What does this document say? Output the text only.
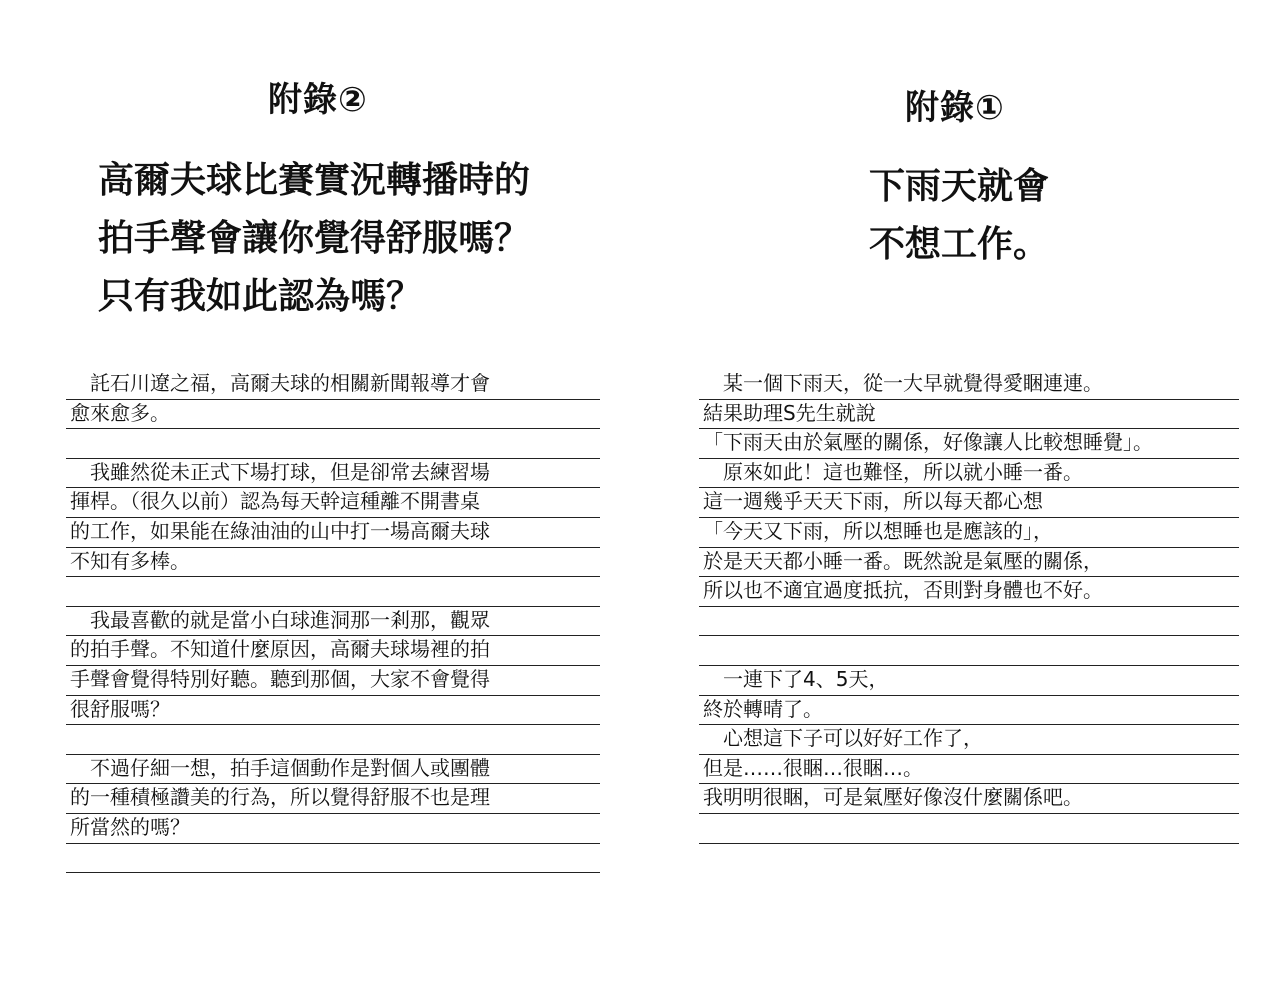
附錄②
高爾夫球比賽實況轉播時的
拍手聲會讓你覺得舒服嗎？
只有我如此認為嗎？
　託石川遼之福，高爾夫球的相關新聞報導才會
愈來愈多。
　我雖然從未正式下場打球，但是卻常去練習場
揮桿。（很久以前）認為每天幹這種離不開書桌
的工作，如果能在綠油油的山中打一場高爾夫球
不知有多棒。
　我最喜歡的就是當小白球進洞那一剎那，觀眾
的拍手聲。不知道什麼原因，高爾夫球場裡的拍
手聲會覺得特別好聽。聽到那個，大家不會覺得
很舒服嗎？
　不過仔細一想，拍手這個動作是對個人或團體
的一種積極讚美的行為，所以覺得舒服不也是理
所當然的嗎？
附錄①
下雨天就會
不想工作。
　某一個下雨天，從一大早就覺得愛睏連連。
結果助理S先生就說
「下雨天由於氣壓的關係，好像讓人比較想睡覺」。
　原來如此！這也難怪，所以就小睡一番。
這一週幾乎天天下雨，所以每天都心想
「今天又下雨，所以想睡也是應該的」，
於是天天都小睡一番。既然說是氣壓的關係，
所以也不適宜過度抵抗，否則對身體也不好。
　一連下了4、5天，
終於轉晴了。
　心想這下子可以好好工作了，
但是……很睏…很睏…。
我明明很睏，可是氣壓好像沒什麼關係吧。
